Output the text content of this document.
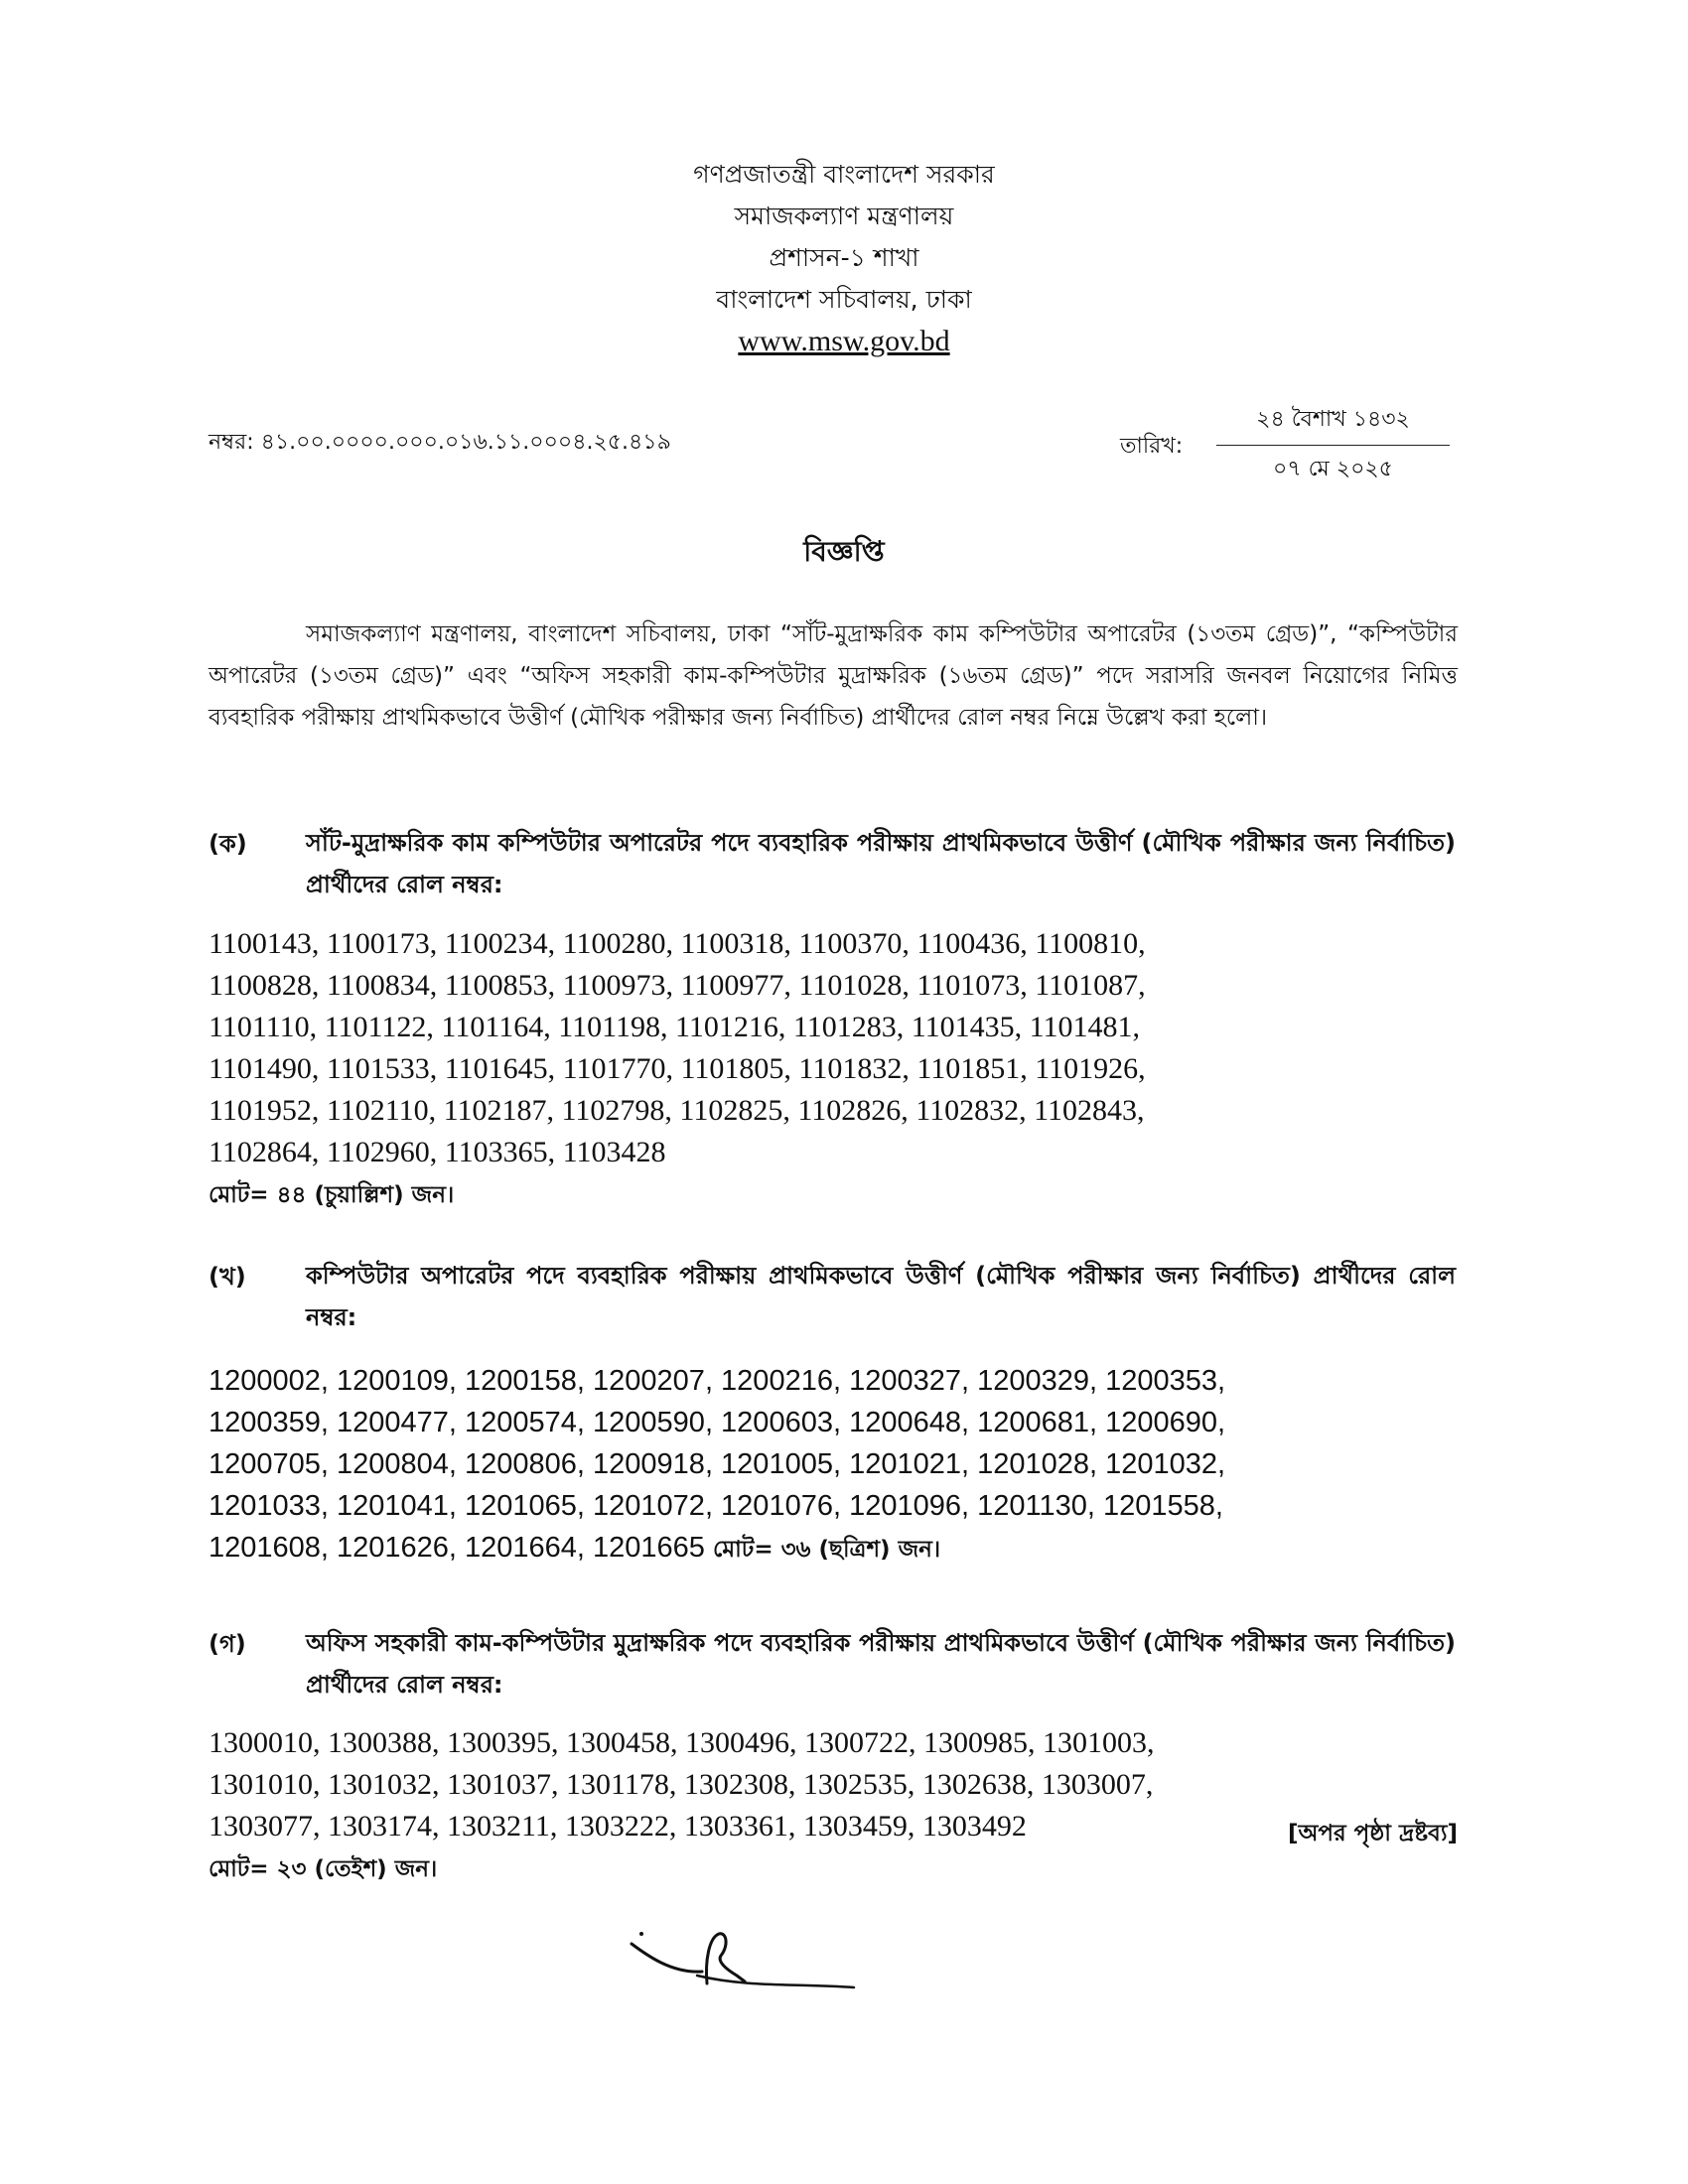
গণপ্রজাতন্ত্রী বাংলাদেশ সরকার
সমাজকল্যাণ মন্ত্রণালয়
প্রশাসন-১ শাখা
বাংলাদেশ সচিবালয়, ঢাকা
www.msw.gov.bd
নম্বর: ৪১.০০.০০০০.০০০.০১৬.১১.০০০৪.২৫.৪১৯	তারিখ:
২৪ বৈশাখ ১৪৩২
০৭ মে ২০২৫
বিজ্ঞপ্তি
সমাজকল্যাণ মন্ত্রণালয়, বাংলাদেশ সচিবালয়, ঢাকা “সাঁট-মুদ্রাক্ষরিক কাম কম্পিউটার অপারেটর (১৩তম গ্রেড)”, “কম্পিউটার অপারেটর (১৩তম গ্রেড)” এবং “অফিস সহকারী কাম-কম্পিউটার মুদ্রাক্ষরিক (১৬তম গ্রেড)” পদে সরাসরি জনবল নিয়োগের নিমিত্ত ব্যবহারিক পরীক্ষায় প্রাথমিকভাবে উত্তীর্ণ (মৌখিক পরীক্ষার জন্য নির্বাচিত) প্রার্থীদের রোল নম্বর নিম্নে উল্লেখ করা হলো।
(ক) সাঁট-মুদ্রাক্ষরিক কাম কম্পিউটার অপারেটর পদে ব্যবহারিক পরীক্ষায় প্রাথমিকভাবে উত্তীর্ণ (মৌখিক পরীক্ষার জন্য নির্বাচিত) প্রার্থীদের রোল নম্বর:
1100143, 1100173, 1100234, 1100280, 1100318, 1100370, 1100436, 1100810,
1100828, 1100834, 1100853, 1100973, 1100977, 1101028, 1101073, 1101087,
1101110, 1101122, 1101164, 1101198, 1101216, 1101283, 1101435, 1101481,
1101490, 1101533, 1101645, 1101770, 1101805, 1101832, 1101851, 1101926,
1101952, 1102110, 1102187, 1102798, 1102825, 1102826, 1102832, 1102843,
1102864, 1102960, 1103365, 1103428
মোট= ৪৪ (চুয়াল্লিশ) জন।
(খ)	কম্পিউটার অপারেটর পদে ব্যবহারিক পরীক্ষায় প্রাথমিকভাবে উত্তীর্ণ (মৌখিক পরীক্ষার জন্য নির্বাচিত) প্রার্থীদের রোল নম্বর:
1200002, 1200109, 1200158, 1200207, 1200216, 1200327, 1200329, 1200353,
1200359, 1200477, 1200574, 1200590, 1200603, 1200648, 1200681, 1200690,
1200705, 1200804, 1200806, 1200918, 1201005, 1201021, 1201028, 1201032,
1201033, 1201041, 1201065, 1201072, 1201076, 1201096, 1201130, 1201558,
1201608, 1201626, 1201664, 1201665 মোট= ৩৬ (ছত্রিশ) জন।
(গ)	অফিস সহকারী কাম-কম্পিউটার মুদ্রাক্ষরিক পদে ব্যবহারিক পরীক্ষায় প্রাথমিকভাবে উত্তীর্ণ (মৌখিক পরীক্ষার জন্য নির্বাচিত) প্রার্থীদের রোল নম্বর:
1300010, 1300388, 1300395, 1300458, 1300496, 1300722, 1300985, 1301003,
1301010, 1301032, 1301037, 1301178, 1302308, 1302535, 1302638, 1303007,
1303077, 1303174, 1303211, 1303222, 1303361, 1303459, 1303492
মোট= ২৩ (তেইশ) জন।
[অপর পৃষ্ঠা দ্রষ্টব্য]
